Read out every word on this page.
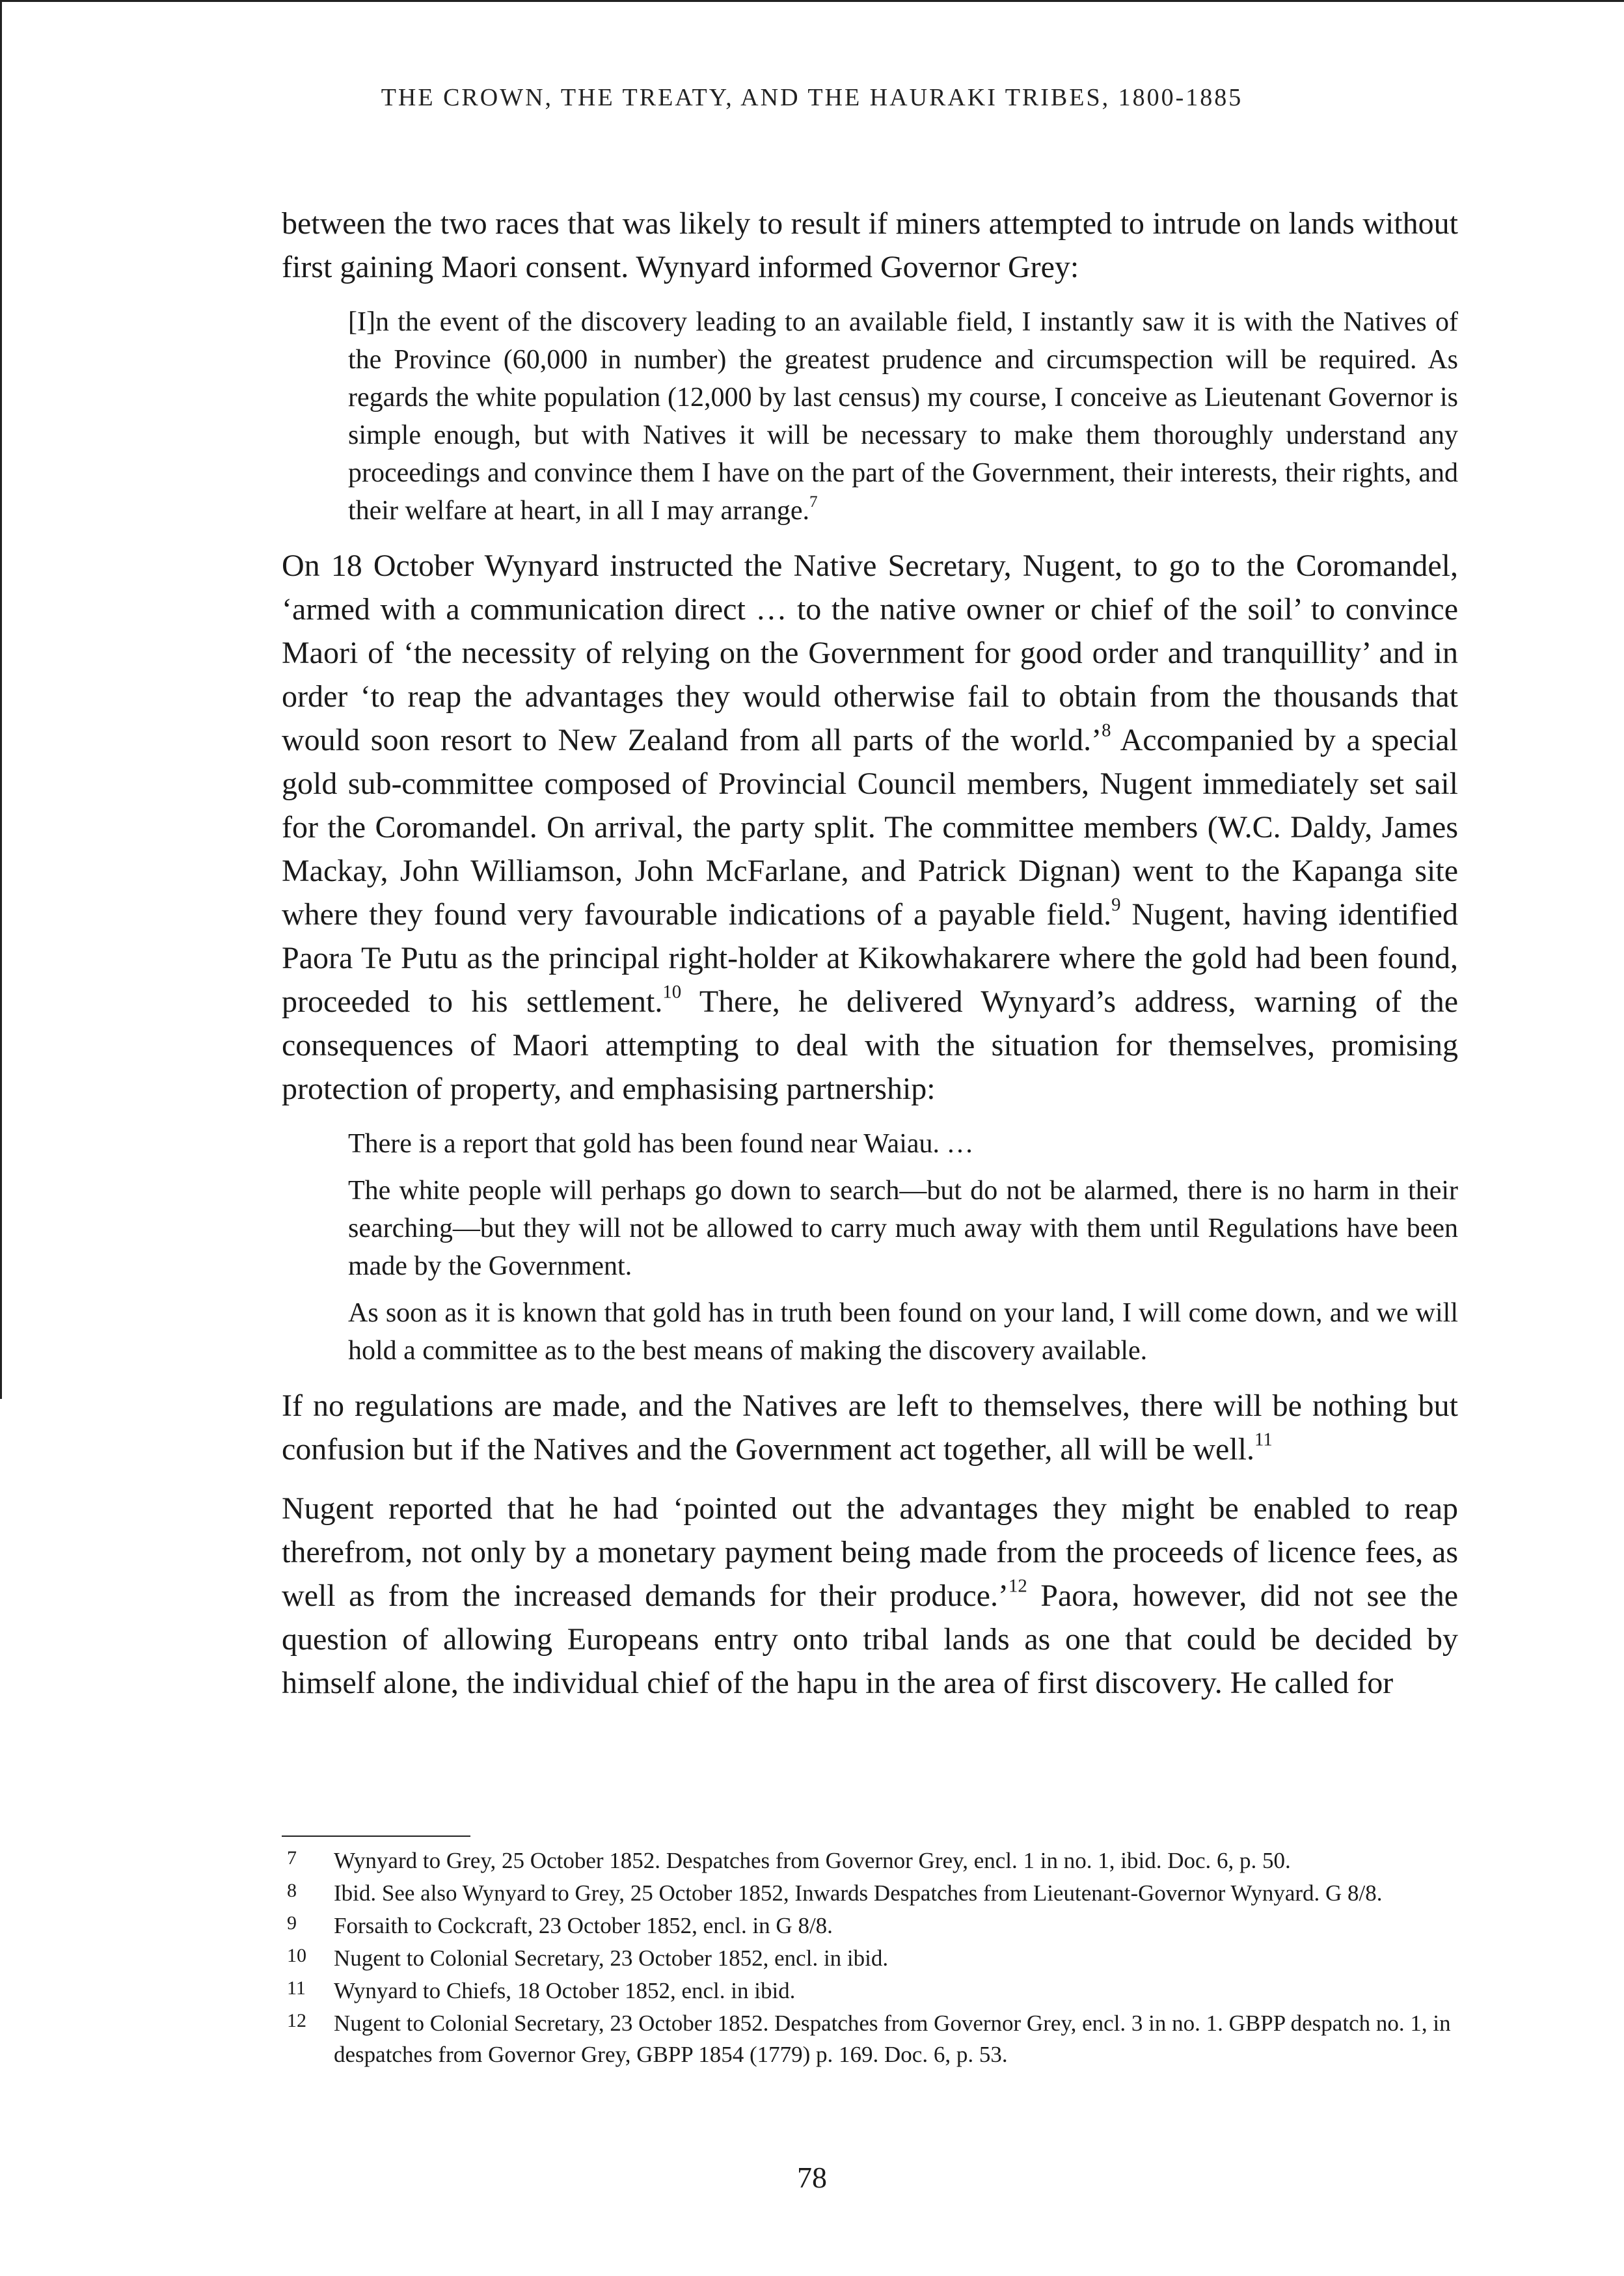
THE CROWN, THE TREATY, AND THE HAURAKI TRIBES, 1800-1885

between the two races that was likely to result if miners attempted to intrude on lands without first gaining Maori consent. Wynyard informed Governor Grey:

[I]n the event of the discovery leading to an available field, I instantly saw it is with the Natives of the Province (60,000 in number) the greatest prudence and circumspection will be required. As regards the white population (12,000 by last census) my course, I conceive as Lieutenant Governor is simple enough, but with Natives it will be necessary to make them thoroughly understand any proceedings and convince them I have on the part of the Government, their interests, their rights, and their welfare at heart, in all I may arrange.$^7$

On 18 October Wynyard instructed the Native Secretary, Nugent, to go to the Coromandel, ‘armed with a communication direct … to the native owner or chief of the soil’ to convince Maori of ‘the necessity of relying on the Government for good order and tranquillity’ and in order ‘to reap the advantages they would otherwise fail to obtain from the thousands that would soon resort to New Zealand from all parts of the world.’$^8$ Accompanied by a special gold sub-committee composed of Provincial Council members, Nugent immediately set sail for the Coromandel. On arrival, the party split. The committee members (W.C. Daldy, James Mackay, John Williamson, John McFarlane, and Patrick Dignan) went to the Kapanga site where they found very favourable indications of a payable field.$^9$ Nugent, having identified Paora Te Putu as the principal right-holder at Kikowhakarere where the gold had been found, proceeded to his settlement.$^{10}$ There, he delivered Wynyard’s address, warning of the consequences of Maori attempting to deal with the situation for themselves, promising protection of property, and emphasising partnership:

There is a report that gold has been found near Waiau. …

The white people will perhaps go down to search—but do not be alarmed, there is no harm in their searching—but they will not be allowed to carry much away with them until Regulations have been made by the Government.

As soon as it is known that gold has in truth been found on your land, I will come down, and we will hold a committee as to the best means of making the discovery available.

If no regulations are made, and the Natives are left to themselves, there will be nothing but confusion but if the Natives and the Government act together, all will be well.$^{11}$

Nugent reported that he had ‘pointed out the advantages they might be enabled to reap therefrom, not only by a monetary payment being made from the proceeds of licence fees, as well as from the increased demands for their produce.’$^{12}$ Paora, however, did not see the question of allowing Europeans entry onto tribal lands as one that could be decided by himself alone, the individual chief of the hapu in the area of first discovery. He called for

7 Wynyard to Grey, 25 October 1852. Despatches from Governor Grey, encl. 1 in no. 1, ibid. Doc. 6, p. 50.
8 Ibid. See also Wynyard to Grey, 25 October 1852, Inwards Despatches from Lieutenant-Governor Wynyard. G 8/8.
9 Forsaith to Cockcraft, 23 October 1852, encl. in G 8/8.
10 Nugent to Colonial Secretary, 23 October 1852, encl. in ibid.
11 Wynyard to Chiefs, 18 October 1852, encl. in ibid.
12 Nugent to Colonial Secretary, 23 October 1852. Despatches from Governor Grey, encl. 3 in no. 1. GBPP despatch no. 1, in despatches from Governor Grey, GBPP 1854 (1779) p. 169. Doc. 6, p. 53.
78
